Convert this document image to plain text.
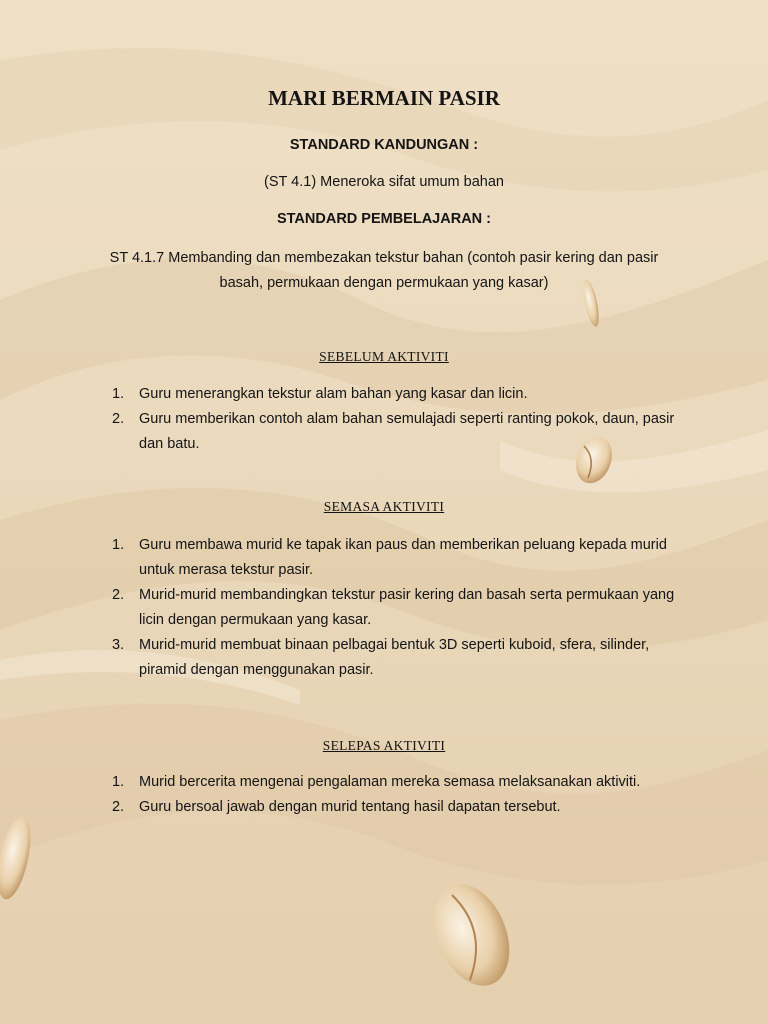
MARI BERMAIN PASIR
STANDARD KANDUNGAN :
(ST 4.1) Meneroka sifat umum bahan
STANDARD PEMBELAJARAN :
ST 4.1.7 Membanding dan membezakan tekstur bahan (contoh pasir kering dan pasir basah, permukaan dengan permukaan yang kasar)
SEBELUM AKTIVITI
1. Guru menerangkan tekstur alam bahan yang kasar dan licin.
2. Guru memberikan contoh alam bahan semulajadi seperti ranting pokok, daun, pasir dan batu.
SEMASA AKTIVITI
1. Guru membawa murid ke tapak ikan paus dan memberikan peluang kepada murid untuk merasa tekstur pasir.
2. Murid-murid membandingkan tekstur pasir kering dan basah serta permukaan yang licin dengan permukaan yang kasar.
3. Murid-murid membuat binaan pelbagai bentuk 3D seperti kuboid, sfera, silinder, piramid dengan menggunakan pasir.
SELEPAS AKTIVITI
1. Murid bercerita mengenai pengalaman mereka semasa melaksanakan aktiviti.
2. Guru bersoal jawab dengan murid tentang hasil dapatan tersebut.
